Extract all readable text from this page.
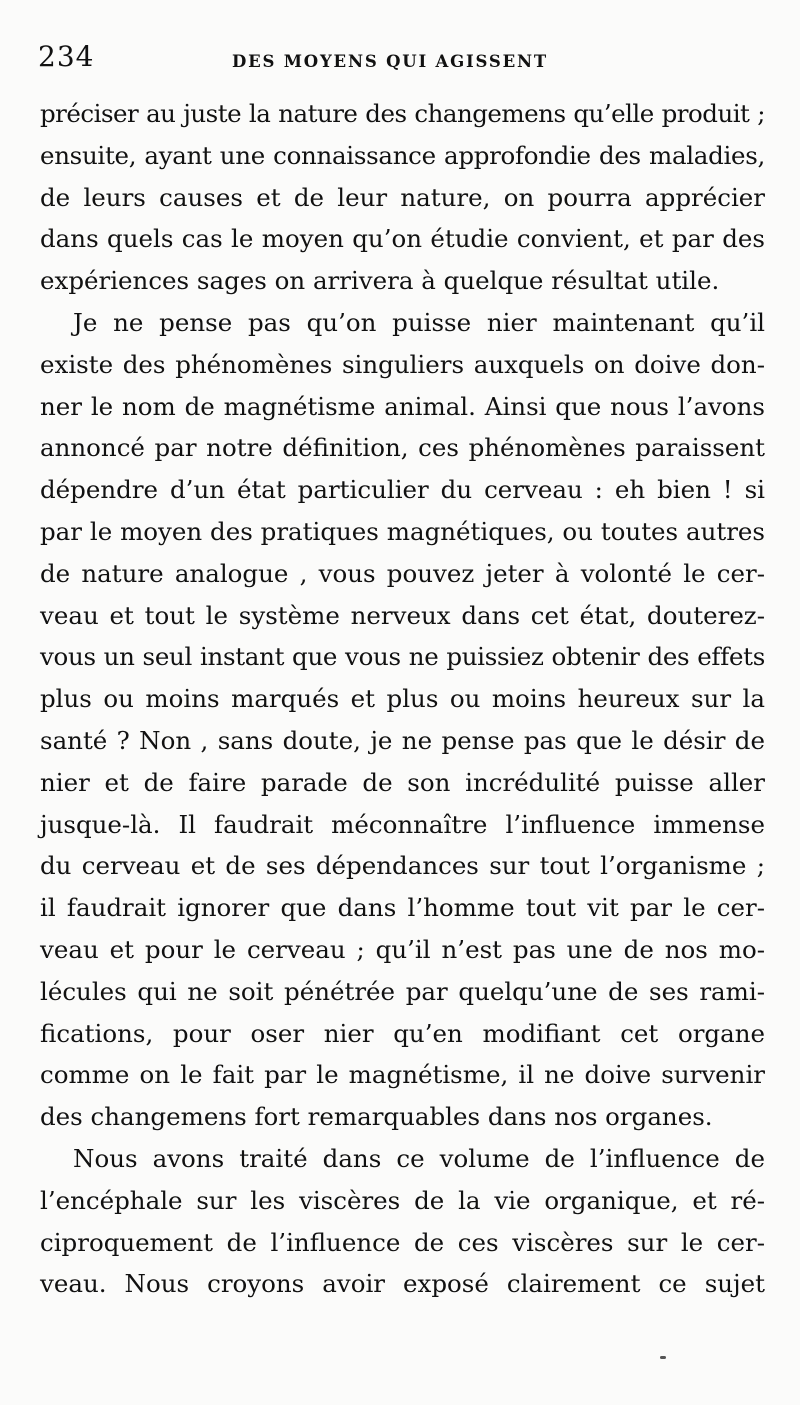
234	DES MOYENS QUI AGISSENT
préciser au juste la nature des changemens qu’elle produit ;
ensuite, ayant une connaissance approfondie des maladies,
de leurs causes et de leur nature, on pourra apprécier
dans quels cas le moyen qu’on étudie convient, et par des
expériences sages on arrivera à quelque résultat utile.
Je ne pense pas qu’on puisse nier maintenant qu’il
existe des phénomènes singuliers auxquels on doive don-
ner le nom de magnétisme animal. Ainsi que nous l’avons
annoncé par notre définition, ces phénomènes paraissent
dépendre d’un état particulier du cerveau : eh bien ! si
par le moyen des pratiques magnétiques, ou toutes autres
de nature analogue , vous pouvez jeter à volonté le cer-
veau et tout le système nerveux dans cet état, douterez-
vous un seul instant que vous ne puissiez obtenir des effets
plus ou moins marqués et plus ou moins heureux sur la
santé ? Non , sans doute, je ne pense pas que le désir de
nier et de faire parade de son incrédulité puisse aller
jusque-là. Il faudrait méconnaître l’influence immense
du cerveau et de ses dépendances sur tout l’organisme ;
il faudrait ignorer que dans l’homme tout vit par le cer-
veau et pour le cerveau ; qu’il n’est pas une de nos mo-
lécules qui ne soit pénétrée par quelqu’une de ses rami-
fications, pour oser nier qu’en modifiant cet organe
comme on le fait par le magnétisme, il ne doive survenir
des changemens fort remarquables dans nos organes.
Nous avons traité dans ce volume de l’influence de
l’encéphale sur les viscères de la vie organique, et ré-
ciproquement de l’influence de ces viscères sur le cer-
veau. Nous croyons avoir exposé clairement ce sujet
